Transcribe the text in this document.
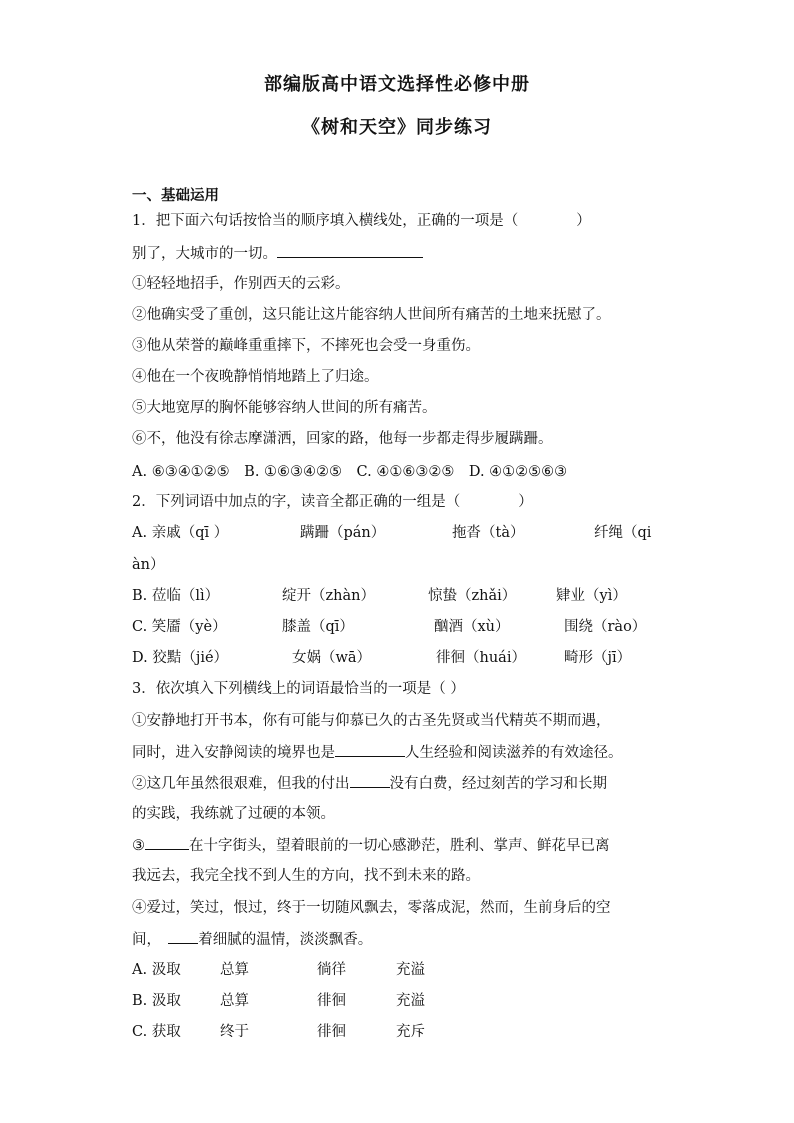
部编版高中语文选择性必修中册
《树和天空》同步练习
一、基础运用
1．把下面六句话按恰当的顺序填入横线处，正确的一项是（　　　　）
别了，大城市的一切。
①轻轻地招手，作别西天的云彩。
②他确实受了重创，这只能让这片能容纳人世间所有痛苦的土地来抚慰了。
③他从荣誉的巅峰重重摔下，不摔死也会受一身重伤。
④他在一个夜晚静悄悄地踏上了归途。
⑤大地宽厚的胸怀能够容纳人世间的所有痛苦。
⑥不，他没有徐志摩潇洒，回家的路，他每一步都走得步履蹒跚。
A. ⑥③④①②⑤　B. ①⑥③④②⑤　C. ④①⑥③②⑤　D. ④①②⑤⑥③
2．下列词语中加点的字，读音全都正确的一组是（　　　　）
A. 亲戚（qī ）	蹒跚（pán）	拖沓（tà）	纤绳（qi
àn）
B. 莅临（lì）	绽开（zhàn）	惊蛰（zhǎi）	肄业（yì）
C. 笑靥（yè）	膝盖（qī）	酗酒（xù）	围绕（rào）
D. 狡黠（jié）	女娲（wā）	徘徊（huái）	畸形（jī）
3．依次填入下列横线上的词语最恰当的一项是（ ）
①安静地打开书本，你有可能与仰慕已久的古圣先贤或当代精英不期而遇，
同时，进入安静阅读的境界也是	人生经验和阅读滋养的有效途径。
②这几年虽然很艰难，但我的付出	没有白费，经过刻苦的学习和长期
的实践，我练就了过硬的本领。
③	在十字街头，望着眼前的一切心感渺茫，胜利、掌声、鲜花早已离
我远去，我完全找不到人生的方向，找不到未来的路。
④爱过，笑过，恨过，终于一切随风飘去，零落成泥，然而，生前身后的空
间，　着细腻的温情，淡淡飘香。
A. 汲取	总算	徜徉	充溢
B. 汲取	总算	徘徊	充溢
C. 获取	终于	徘徊	充斥
